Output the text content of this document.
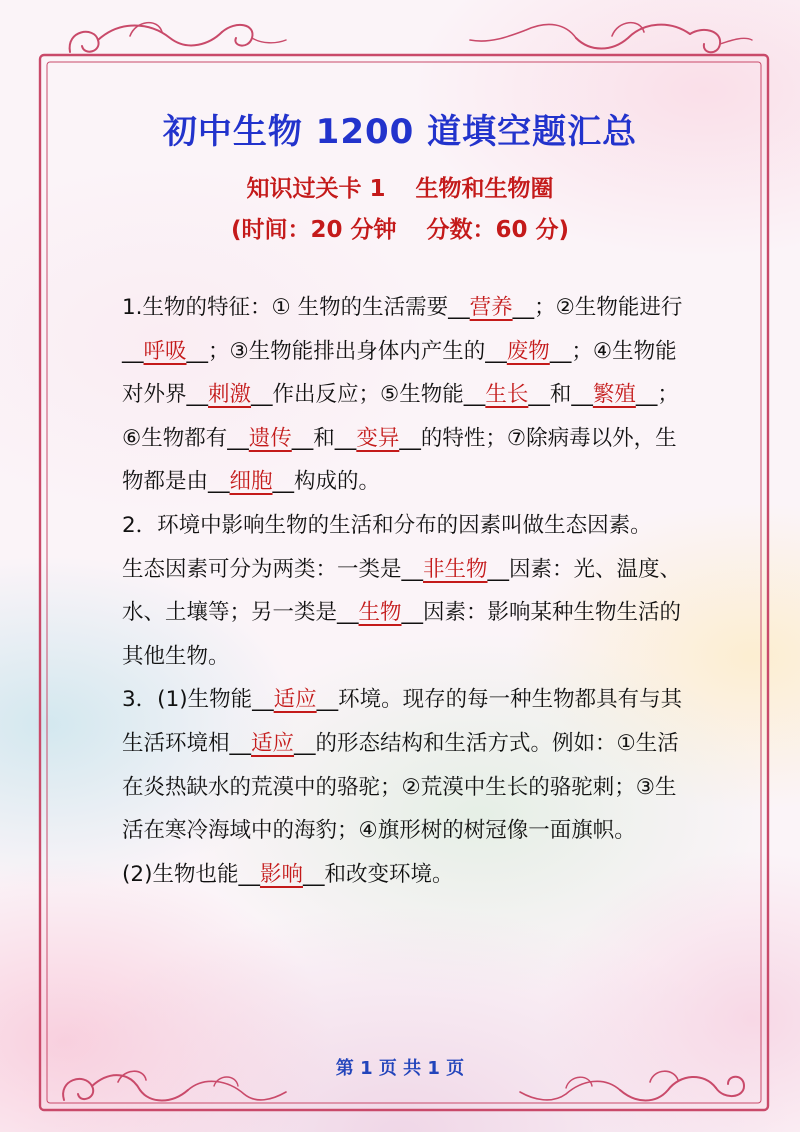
初中生物 1200 道填空题汇总
知识过关卡 1 生物和生物圈
(时间：20 分钟 分数：60 分)

1.生物的特征：① 生物的生活需要__营养__；②生物能进行__呼吸__；③生物能排出身体内产生的__废物__；④生物能对外界__刺激__作出反应；⑤生物能__生长__和__繁殖__；⑥生物都有__遗传__和__变异__的特性；⑦除病毒以外，生物都是由__细胞__构成的。

2．环境中影响生物的生活和分布的因素叫做生态因素。

生态因素可分为两类：一类是__非生物__因素：光、温度、水、土壤等；另一类是__生物__因素：影响某种生物生活的其他生物。

3．(1)生物能__适应__环境。现存的每一种生物都具有与其生活环境相__适应__的形态结构和生活方式。例如：①生活在炎热缺水的荒漠中的骆驼；②荒漠中生长的骆驼刺；③生活在寒冷海域中的海豹；④旗形树的树冠像一面旗帜。

(2)生物也能__影响__和改变环境。

第 1 页 共 1 页
